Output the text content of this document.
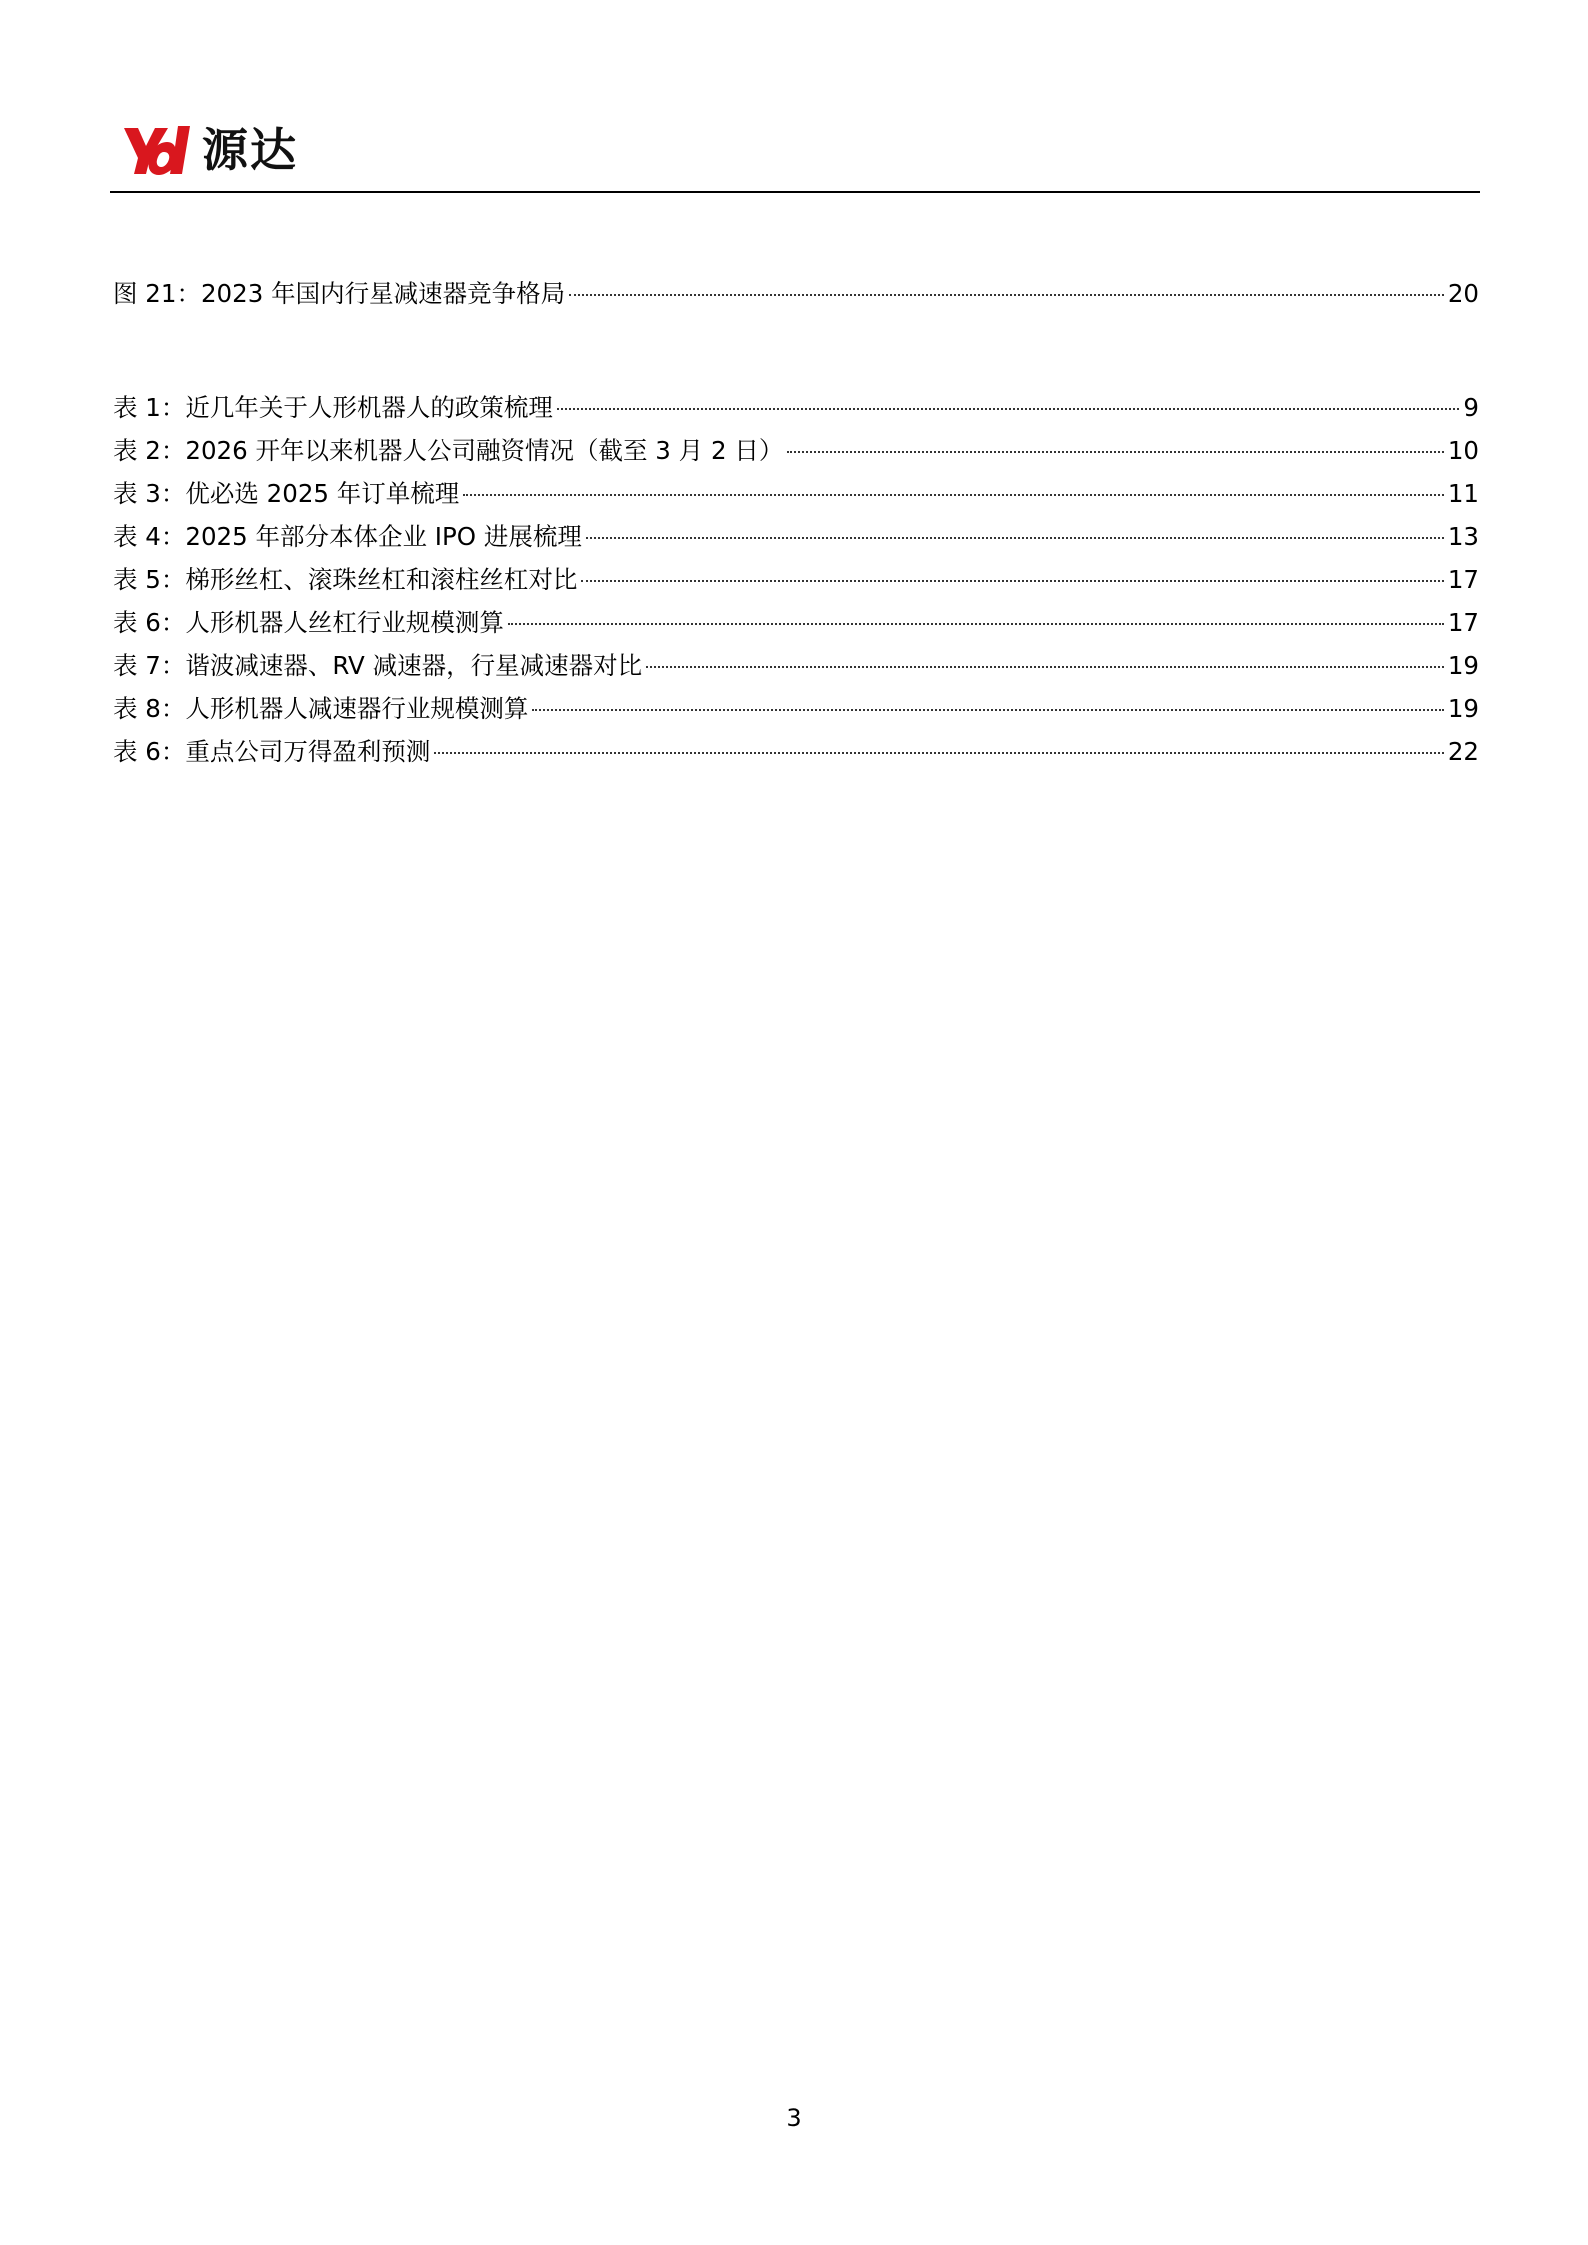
源达
图 21：2023 年国内行星减速器竞争格局	20
表 1：近几年关于人形机器人的政策梳理	9
表 2：2026 开年以来机器人公司融资情况（截至 3 月 2 日）	10
表 3：优必选 2025 年订单梳理	11
表 4：2025 年部分本体企业 IPO 进展梳理	13
表 5：梯形丝杠、滚珠丝杠和滚柱丝杠对比	17
表 6：人形机器人丝杠行业规模测算	17
表 7：谐波减速器、RV 减速器，行星减速器对比	19
表 8：人形机器人减速器行业规模测算	19
表 6：重点公司万得盈利预测	22
3
